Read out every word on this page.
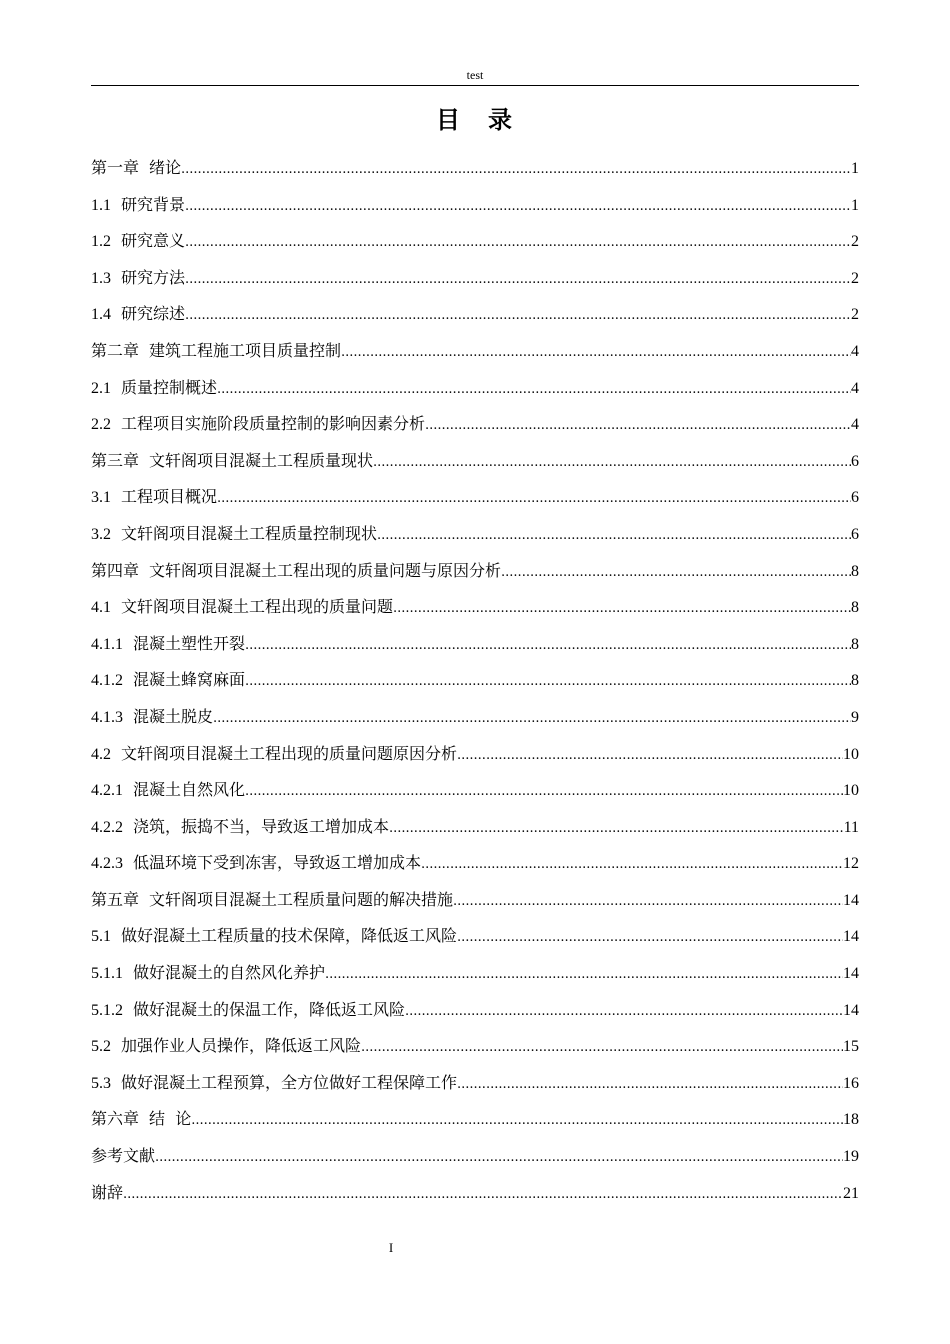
test
目　录
第一章 绪论 .....	1
1.1 研究背景 .....	1
1.2 研究意义 .....	2
1.3 研究方法 .....	2
1.4 研究综述 .....	2
第二章 建筑工程施工项目质量控制 .....	4
2.1 质量控制概述 .....	4
2.2 工程项目实施阶段质量控制的影响因素分析 .....	4
第三章 文轩阁项目混凝土工程质量现状 .....	6
3.1 工程项目概况 .....	6
3.2 文轩阁项目混凝土工程质量控制现状 .....	6
第四章 文轩阁项目混凝土工程出现的质量问题与原因分析 .....	8
4.1 文轩阁项目混凝土工程出现的质量问题 .....	8
4.1.1 混凝土塑性开裂 .....	8
4.1.2 混凝土蜂窝麻面 .....	8
4.1.3 混凝土脱皮 .....	9
4.2 文轩阁项目混凝土工程出现的质量问题原因分析 .....	10
4.2.1 混凝土自然风化 .....	10
4.2.2 浇筑，振捣不当，导致返工增加成本 .....	11
4.2.3 低温环境下受到冻害，导致返工增加成本 .....	12
第五章 文轩阁项目混凝土工程质量问题的解决措施 .....	14
5.1 做好混凝土工程质量的技术保障，降低返工风险 .....	14
5.1.1 做好混凝土的自然风化养护 .....	14
5.1.2 做好混凝土的保温工作，降低返工风险 .....	14
5.2 加强作业人员操作，降低返工风险 .....	15
5.3 做好混凝土工程预算，全方位做好工程保障工作 .....	16
第六章 结  论 .....	18
参考文献 .....	19
谢辞 .....	21
I
